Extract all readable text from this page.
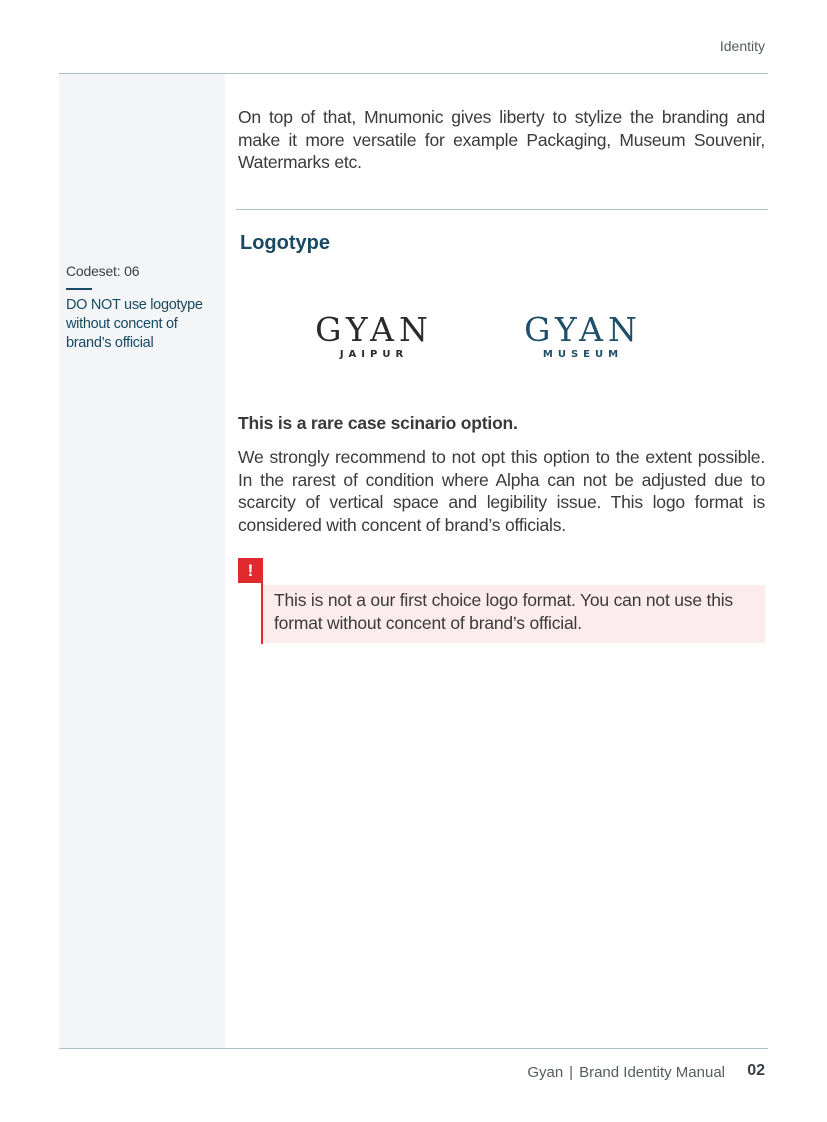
Identity
Codeset: 06
DO NOT use logotype without concent of brand’s official
On top of that, Mnumonic gives liberty to stylize the branding and make it more versatile for example Packaging, Museum Souvenir, Watermarks etc.
Logotype
GYAN
JAIPUR
GYAN
MUSEUM
This is a rare case scinario option.
We strongly recommend to not opt this option to the extent possible. In the rarest of condition where Alpha can not be adjusted due to scarcity of vertical space and legibility issue. This logo format is considered with concent of brand’s officials.
!
This is not a our first choice logo format. You can not use this format without concent of brand’s official.
Gyan | Brand Identity Manual 02
